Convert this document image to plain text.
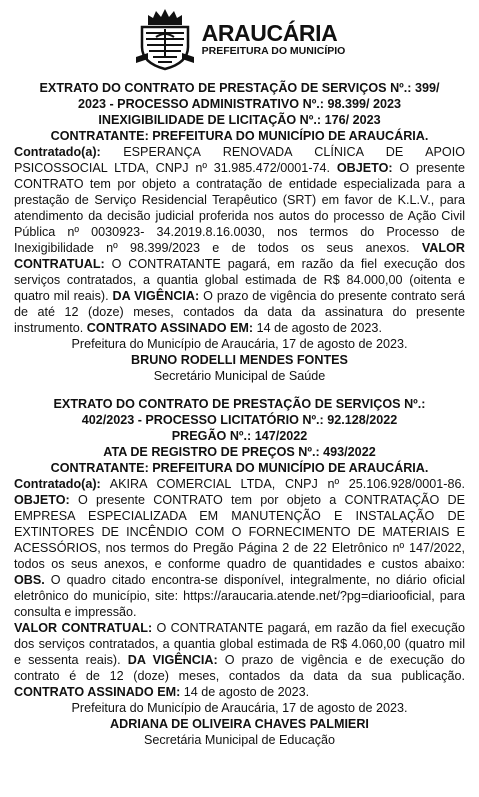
ARAUCÁRIA
PREFEITURA DO MUNICÍPIO

EXTRATO DO CONTRATO DE PRESTAÇÃO DE SERVIÇOS Nº.: 399/

2023 - PROCESSO ADMINISTRATIVO Nº.: 98.399/ 2023

INEXIGIBILIDADE DE LICITAÇÃO Nº.: 176/ 2023

CONTRATANTE: PREFEITURA DO MUNICÍPIO DE ARAUCÁRIA.

Contratado(a): ESPERANÇA RENOVADA CLÍNICA DE APOIO PSICOSSOCIAL LTDA, CNPJ nº 31.985.472/0001-74. OBJETO: O presente CONTRATO tem por objeto a contratação de entidade especializada para a prestação de Serviço Residencial Terapêutico (SRT) em favor de K.L.V., para atendimento da decisão judicial proferida nos autos do processo de Ação Civil Pública nº 0030923- 34.2019.8.16.0030, nos termos do Processo de Inexigibilidade nº 98.399/2023 e de todos os seus anexos. VALOR CONTRATUAL: O CONTRATANTE pagará, em razão da fiel execução dos serviços contratados, a quantia global estimada de R$ 84.000,00 (oitenta e quatro mil reais). DA VIGÊNCIA: O prazo de vigência do presente contrato será de até 12 (doze) meses, contados da data da assinatura do presente instrumento. CONTRATO ASSINADO EM: 14 de agosto de 2023.

Prefeitura do Município de Araucária, 17 de agosto de 2023.

BRUNO RODELLI MENDES FONTES

Secretário Municipal de Saúde

EXTRATO DO CONTRATO DE PRESTAÇÃO DE SERVIÇOS Nº.:

402/2023 - PROCESSO LICITATÓRIO Nº.: 92.128/2022

PREGÃO Nº.: 147/2022

ATA DE REGISTRO DE PREÇOS Nº.: 493/2022

CONTRATANTE: PREFEITURA DO MUNICÍPIO DE ARAUCÁRIA.

Contratado(a): AKIRA COMERCIAL LTDA, CNPJ nº 25.106.928/0001-86. OBJETO: O presente CONTRATO tem por objeto a CONTRATAÇÃO DE EMPRESA ESPECIALIZADA EM MANUTENÇÃO E INSTALAÇÃO DE EXTINTORES DE INCÊNDIO COM O FORNECIMENTO DE MATERIAIS E ACESSÓRIOS, nos termos do Pregão Página 2 de 22 Eletrônico nº 147/2022, todos os seus anexos, e conforme quadro de quantidades e custos abaixo: OBS. O quadro citado encontra-se disponível, integralmente, no diário oficial eletrônico do município, site: https://araucaria.atende.net/?pg=diariooficial, para consulta e impressão.

VALOR CONTRATUAL: O CONTRATANTE pagará, em razão da fiel execução dos serviços contratados, a quantia global estimada de R$ 4.060,00 (quatro mil e sessenta reais). DA VIGÊNCIA: O prazo de vigência e de execução do contrato é de 12 (doze) meses, contados da data da sua publicação. CONTRATO ASSINADO EM: 14 de agosto de 2023.

Prefeitura do Município de Araucária, 17 de agosto de 2023.

ADRIANA DE OLIVEIRA CHAVES PALMIERI

Secretária Municipal de Educação
